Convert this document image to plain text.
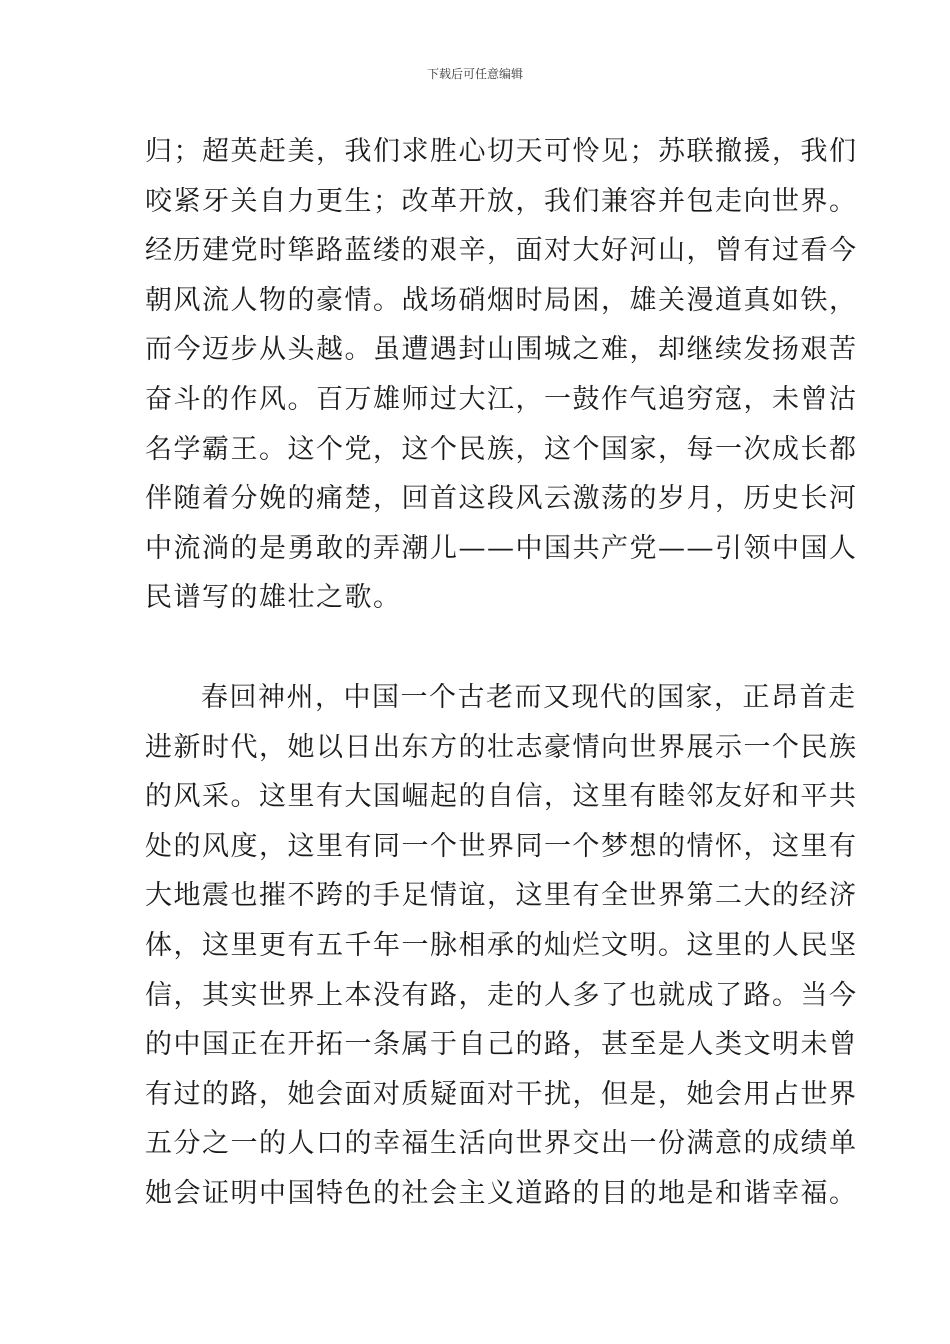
下载后可任意编辑
归；超英赶美，我们求胜心切天可怜见；苏联撤援，我们
咬紧牙关自力更生；改革开放，我们兼容并包走向世界。
经历建党时筚路蓝缕的艰辛，面对大好河山，曾有过看今
朝风流人物的豪情。战场硝烟时局困，雄关漫道真如铁，
而今迈步从头越。虽遭遇封山围城之难，却继续发扬艰苦
奋斗的作风。百万雄师过大江，一鼓作气追穷寇，未曾沽
名学霸王。这个党，这个民族，这个国家，每一次成长都
伴随着分娩的痛楚，回首这段风云激荡的岁月，历史长河
中流淌的是勇敢的弄潮儿——中国共产党——引领中国人
民谱写的雄壮之歌。
春回神州，中国一个古老而又现代的国家，正昂首走
进新时代，她以日出东方的壮志豪情向世界展示一个民族
的风采。这里有大国崛起的自信，这里有睦邻友好和平共
处的风度，这里有同一个世界同一个梦想的情怀，这里有
大地震也摧不跨的手足情谊，这里有全世界第二大的经济
体，这里更有五千年一脉相承的灿烂文明。这里的人民坚
信，其实世界上本没有路，走的人多了也就成了路。当今
的中国正在开拓一条属于自己的路，甚至是人类文明未曾
有过的路，她会面对质疑面对干扰，但是，她会用占世界
五分之一的人口的幸福生活向世界交出一份满意的成绩单
她会证明中国特色的社会主义道路的目的地是和谐幸福。
